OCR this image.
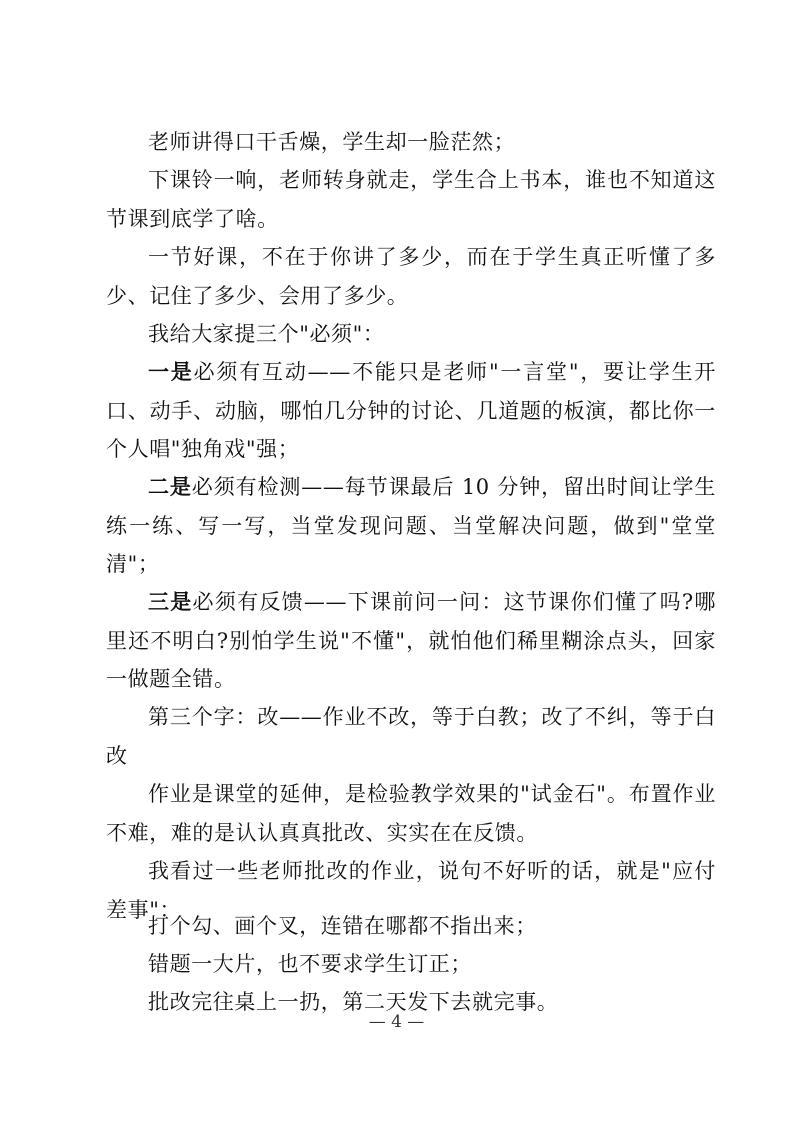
老师讲得口干舌燥，学生却一脸茫然；

下课铃一响，老师转身就走，学生合上书本，谁也不知道这节课到底学了啥。

一节好课，不在于你讲了多少，而在于学生真正听懂了多少、记住了多少、会用了多少。

我给大家提三个"必须"：

一是必须有互动——不能只是老师"一言堂"，要让学生开口、动手、动脑，哪怕几分钟的讨论、几道题的板演，都比你一个人唱"独角戏"强；

二是必须有检测——每节课最后 10 分钟，留出时间让学生练一练、写一写，当堂发现问题、当堂解决问题，做到"堂堂清"；

三是必须有反馈——下课前问一问：这节课你们懂了吗?哪里还不明白?别怕学生说"不懂"，就怕他们稀里糊涂点头，回家一做题全错。

第三个字：改——作业不改，等于白教；改了不纠，等于白改

作业是课堂的延伸，是检验教学效果的"试金石"。布置作业不难，难的是认认真真批改、实实在在反馈。

我看过一些老师批改的作业，说句不好听的话，就是"应付差事"：

打个勾、画个叉，连错在哪都不指出来；

错题一大片，也不要求学生订正；

批改完往桌上一扔，第二天发下去就完事。

— 4 —
